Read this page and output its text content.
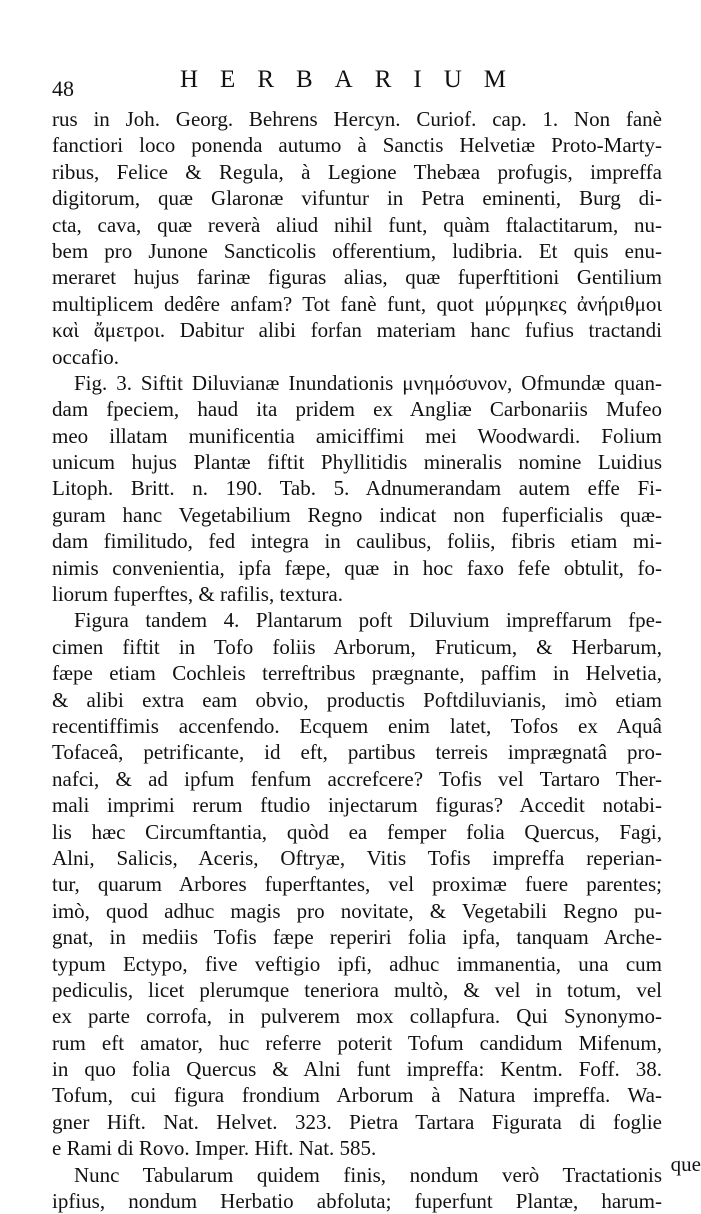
48	HERBARIUM
rus in Joh. Georg. Behrens Hercyn. Curiof. cap. 1. Non fanè
fanctiori loco ponenda autumo à Sanctis Helvetiæ Proto-Marty-
ribus, Felice & Regula, à Legione Thebæa profugis, impreffa
digitorum, quæ Glaronæ vifuntur in Petra eminenti, Burg di-
cta, cava, quæ reverà aliud nihil funt, quàm ftalactitarum, nu-
bem pro Junone Sancticolis offerentium, ludibria. Et quis enu-
meraret hujus farinæ figuras alias, quæ fuperftitioni Gentilium
multiplicem dedêre anfam? Tot fanè funt, quot μύρμηκες ἀνήριθμοι
καὶ ἄμετροι. Dabitur alibi forfan materiam hanc fufius tractandi
occafio.
Fig. 3. Siftit Diluvianæ Inundationis μνημόσυνον, Ofmundæ quan-
dam fpeciem, haud ita pridem ex Angliæ Carbonariis Mufeo
meo illatam munificentia amiciffimi mei Woodwardi. Folium
unicum hujus Plantæ fiftit Phyllitidis mineralis nomine Luidius
Litoph. Britt. n. 190. Tab. 5. Adnumerandam autem effe Fi-
guram hanc Vegetabilium Regno indicat non fuperficialis quæ-
dam fimilitudo, fed integra in caulibus, foliis, fibris etiam mi-
nimis convenientia, ipfa fæpe, quæ in hoc faxo fefe obtulit, fo-
liorum fuperftes, & rafilis, textura.
Figura tandem 4. Plantarum poft Diluvium impreffarum fpe-
cimen fiftit in Tofo foliis Arborum, Fruticum, & Herbarum,
fæpe etiam Cochleis terreftribus prægnante, paffim in Helvetia,
& alibi extra eam obvio, productis Poftdiluvianis, imò etiam
recentiffimis accenfendo. Ecquem enim latet, Tofos ex Aquâ
Tofaceâ, petrificante, id eft, partibus terreis imprægnatâ pro-
nafci, & ad ipfum fenfum accrefcere? Tofis vel Tartaro Ther-
mali imprimi rerum ftudio injectarum figuras? Accedit notabi-
lis hæc Circumftantia, quòd ea femper folia Quercus, Fagi,
Alni, Salicis, Aceris, Oftryæ, Vitis Tofis impreffa reperian-
tur, quarum Arbores fuperftantes, vel proximæ fuere parentes;
imò, quod adhuc magis pro novitate, & Vegetabili Regno pu-
gnat, in mediis Tofis fæpe reperiri folia ipfa, tanquam Arche-
typum Ectypo, five veftigio ipfi, adhuc immanentia, una cum
pediculis, licet plerumque teneriora multò, & vel in totum, vel
ex parte corrofa, in pulverem mox collapfura. Qui Synonymo-
rum eft amator, huc referre poterit Tofum candidum Mifenum,
in quo folia Quercus & Alni funt impreffa: Kentm. Foff. 38.
Tofum, cui figura frondium Arborum à Natura impreffa. Wa-
gner Hift. Nat. Helvet. 323. Pietra Tartara Figurata di foglie
e Rami di Rovo. Imper. Hift. Nat. 585.
Nunc Tabularum quidem finis, nondum verò Tractationis
ipfius, nondum Herbatio abfoluta; fuperfunt Plantæ, harum-
que
